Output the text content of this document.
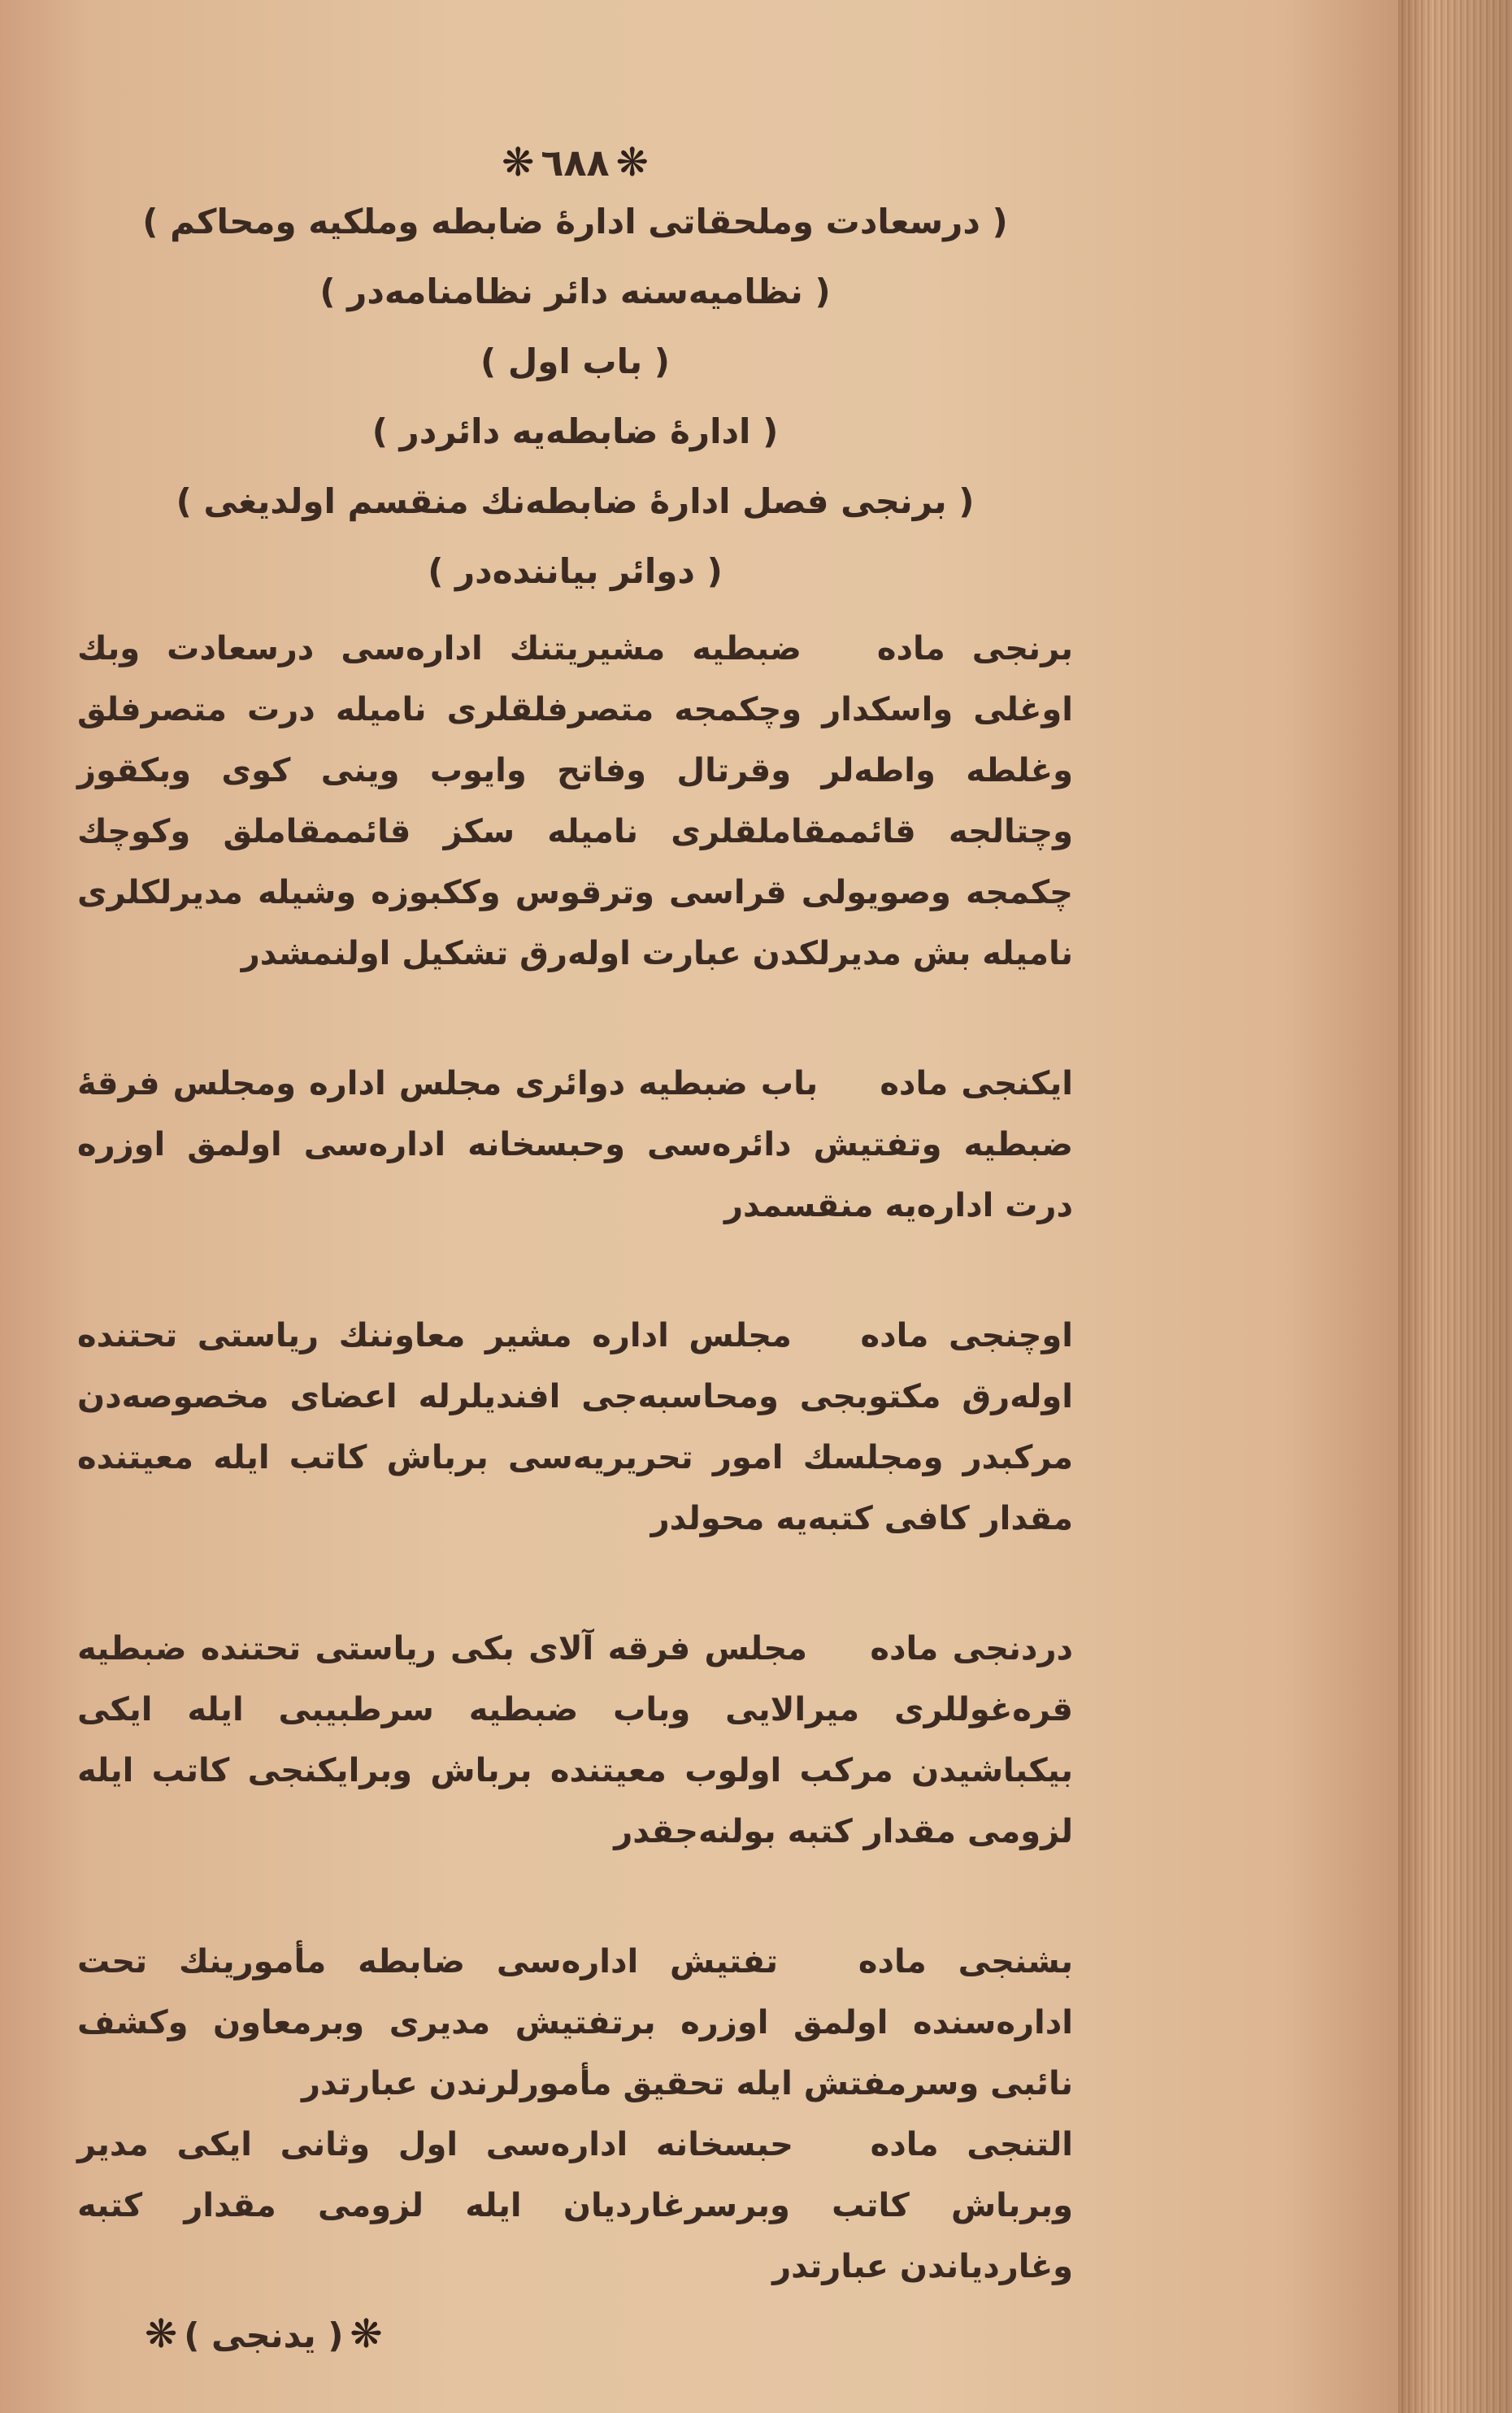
❋ ٦٨٨ ❋
( درسعادت وملحقاتی ادارهٔ ضابطه وملکیه ومحاکم )
( نظامیه‌سنه دائر نظامنامه‌در )
( باب اول )
( ادارهٔ ضابطه‌یه دائردر )
( برنجی فصل ادارهٔ ضابطه‌نك منقسم اولدیغی )
( دوائر بیانند‌ه‌در )
برنجی ماده ضبطیه مشیریتنك اداره‌سی درسعادت وبك اوغلی واسکداروچکمجه متصرفلقلری نامیله درت متصرفلق وغلطه واطه‌لر وقرتالوفاتح وایوب وینی کوی وبکقوز وچتالجه قائممقاملقلری نامیله سکزقائممقاملق وکوچك چکمجه وصویولی قراسی وترقوس وککبوزه وشیلهمدیرلکلری نامیله بش مدیرلکدن عبارت اوله‌رق تشکیل اولنمشدر
ایکنجی ماده باب ضبطیه دوائری مجلس اداره ومجلس فرقهٔ ضبطیهوتفتیش دائره‌سی وحبسخانه اداره‌سی اولمق اوزره درت اداره‌یه منقسمدر
اوچنجی ماده مجلس اداره مشیر معاوننك ریاستی تحتنده اوله‌رق مکتوبجیومحاسبه‌جی افندیلرله اعضای مخصوصه‌دن مرکبدر ومجلسك امورتحریریه‌سی برباش کاتب ایله معیتنده مقدار کافی کتبه‌یه محولدر
دردنجی ماده مجلس فرقه آلای بکی ریاستی تحتنده ضبطیه قره‌غوللریمیرالایی وباب ضبطیه سرطبیبی ایله ایکی بیکباشیدن مرکب اولوبمعیتنده برباش وبرایکنجی کاتب ایله لزومی مقدار کتبه بولنه‌جقدر
بشنجی ماده تفتیش اداره‌سی ضابطه مأمورینك تحت اداره‌سنده اولمقاوزره برتفتیش مدیری وبرمعاون وکشف نائبی وسرمفتش ایله تحقیقمأمورلرندن عبارتدر
التنجی ماده حبسخانه اداره‌سی اول وثانی ایکی مدیر وبرباش کاتبوبرسرغاردیان ایله لزومی مقدار کتبه وغاردیاندن عبارتدر
❋( یدنجی )❋
